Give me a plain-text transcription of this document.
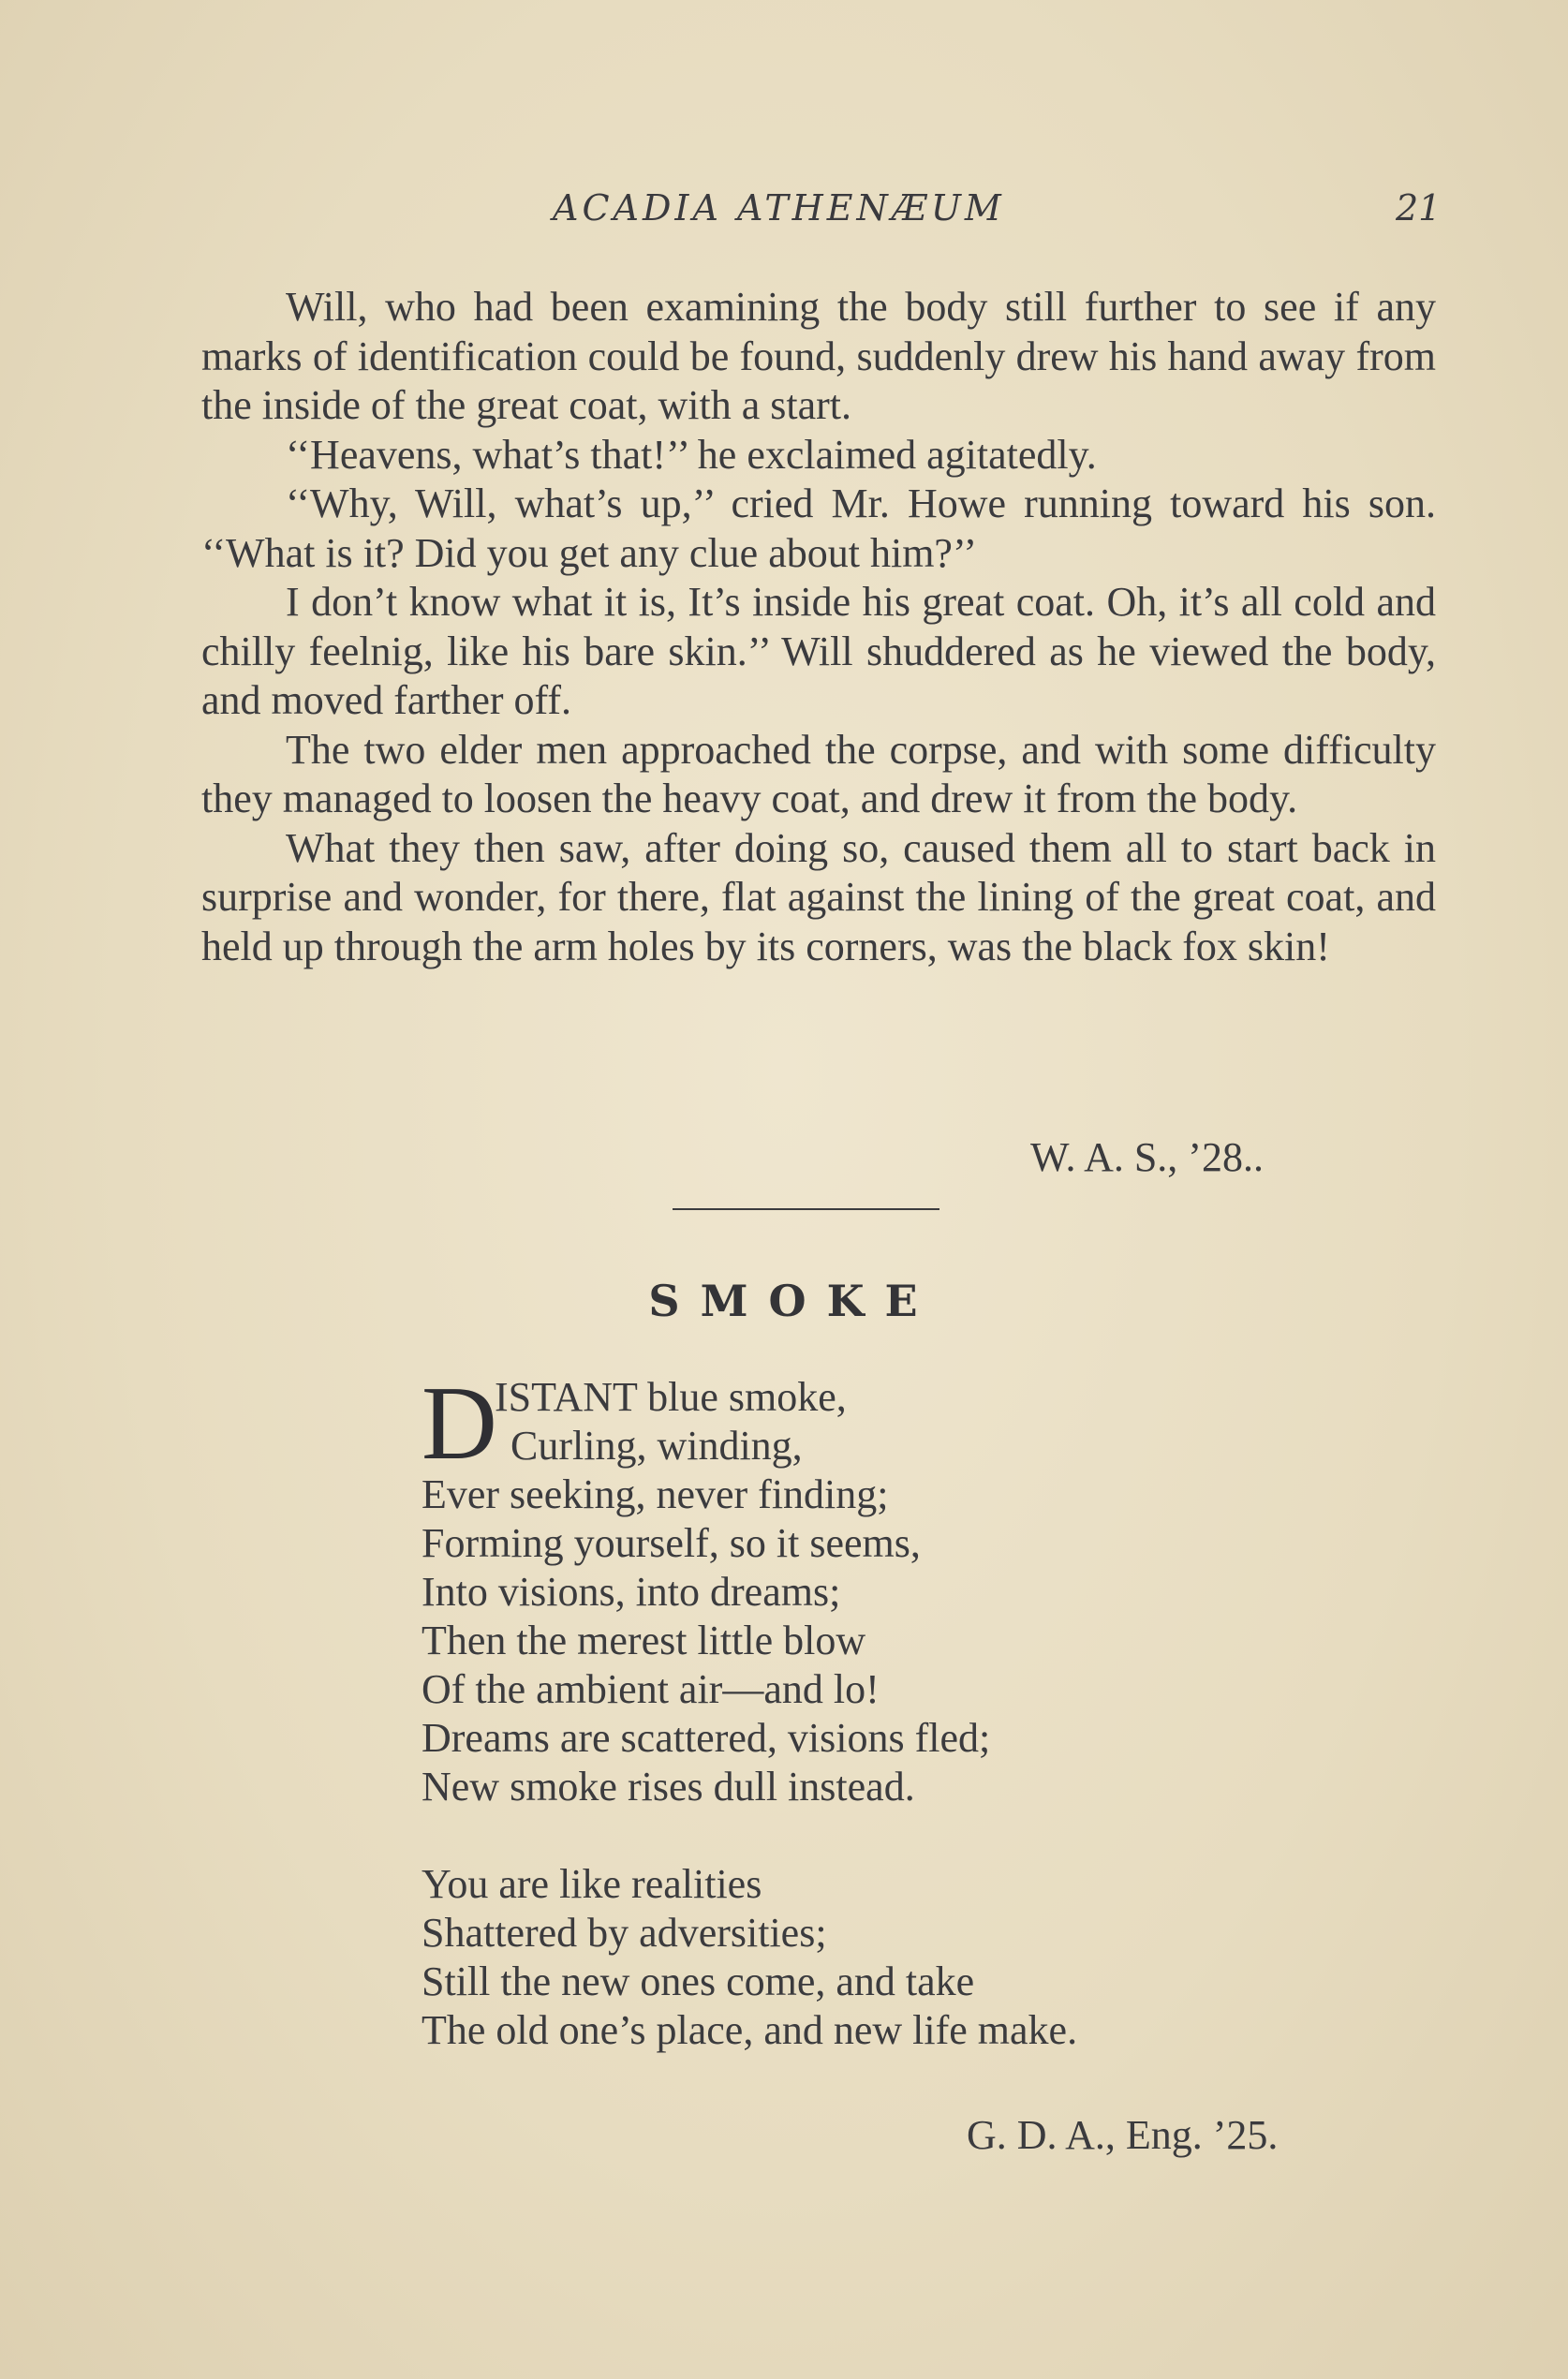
ACADIA ATHENÆUM	21

Will, who had been examining the body still further to see if any marks of identification could be found, suddenly drew his hand away from the inside of the great coat, with a start.

‘‘Heavens, what’s that!’’ he exclaimed agitatedly.

‘‘Why, Will, what’s up,’’ cried Mr. Howe running toward his son. ‘‘What is it? Did you get any clue about him?’’

I don’t know what it is, It’s inside his great coat. Oh, it’s all cold and chilly feelnig, like his bare skin.’’ Will shuddered as he viewed the body, and moved farther off.

The two elder men approached the corpse, and with some difficulty they managed to loosen the heavy coat, and drew it from the body.

What they then saw, after doing so, caused them all to start back in surprise and wonder, for there, flat against the lining of the great coat, and held up through the arm holes by its corners, was the black fox skin!

W. A. S., ’28..
SMOKE
D
ISTANT blue smoke,
Curling, winding,
Ever seeking, never finding;
Forming yourself, so it seems,
Into visions, into dreams;
Then the merest little blow
Of the ambient air—and lo!
Dreams are scattered, visions fled;
New smoke rises dull instead.
You are like realities
Shattered by adversities;
Still the new ones come, and take
The old one’s place, and new life make.
G. D. A., Eng. ’25.
